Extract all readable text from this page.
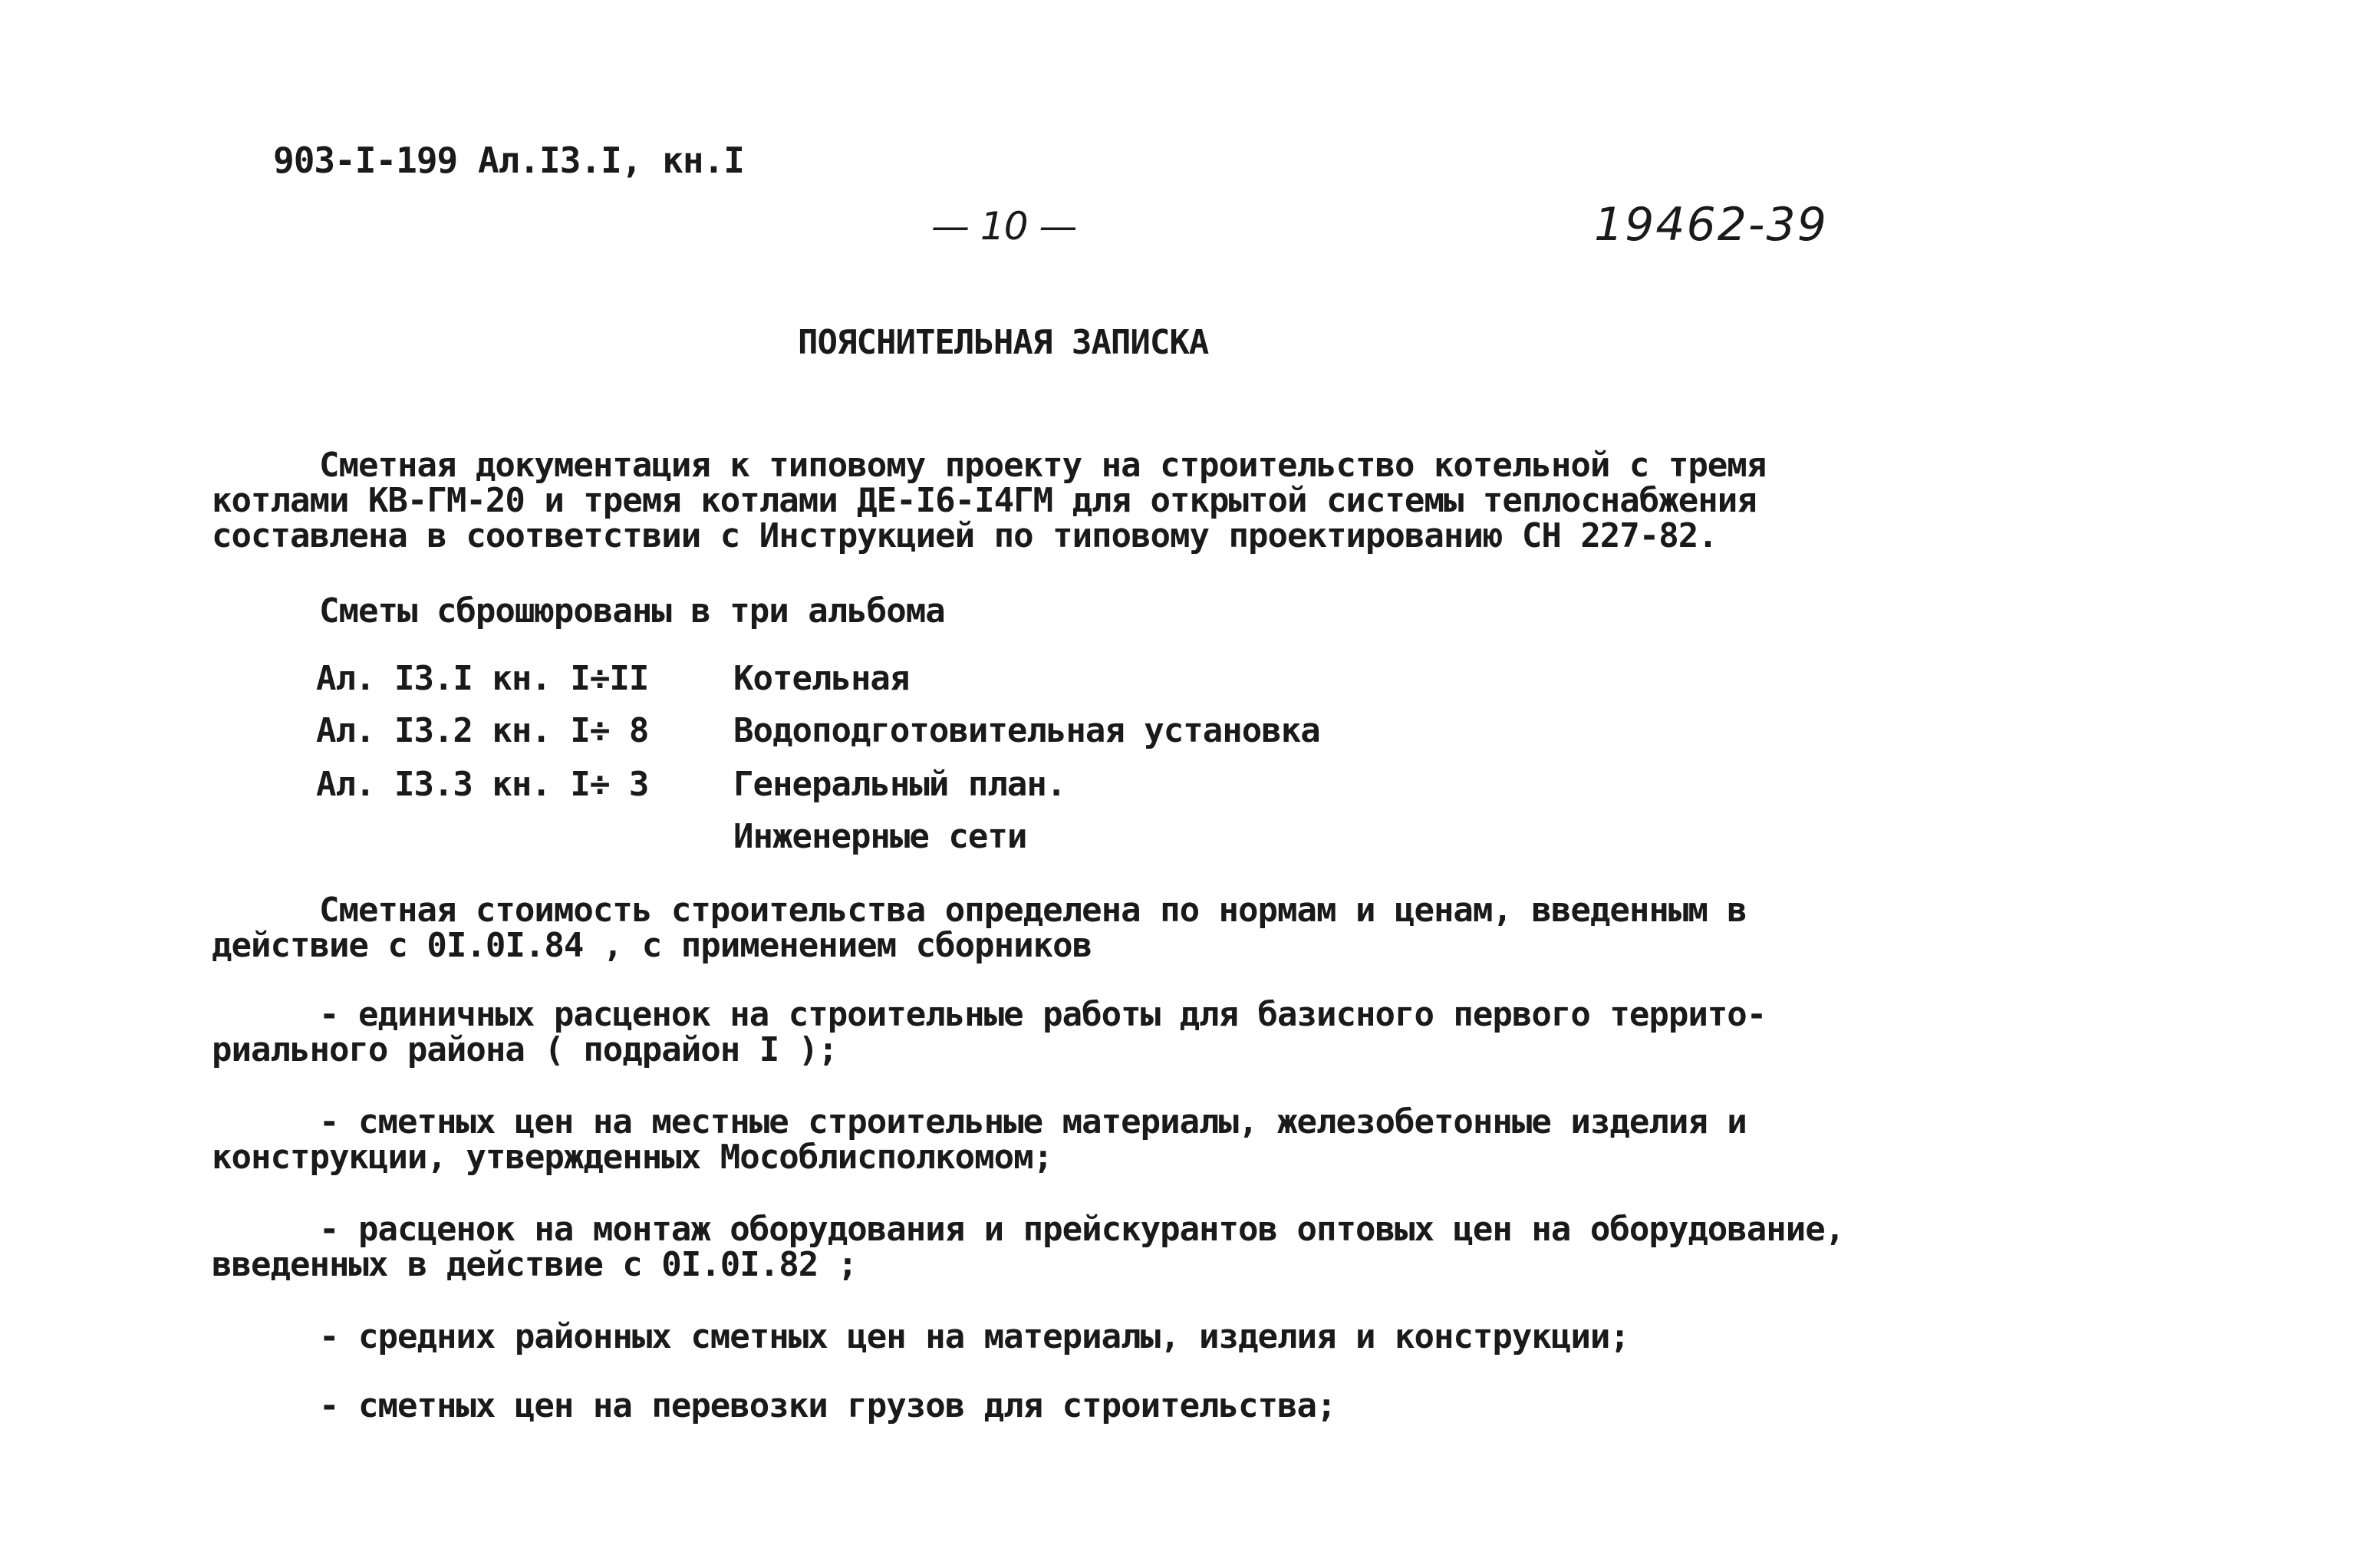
90З-I-199 Ал.I3.I, кн.I
— 10 —	19462-39
ПОЯСНИТЕЛЬНАЯ ЗАПИСКА
Сметная документация к типовому проекту на строительство котельной с тремя
котлами КВ-ГМ-20 и тремя котлами ДЕ-I6-I4ГМ для открытой системы теплоснабжения
составлена в соответствии с Инструкцией по типовому проектированию СН 227-82.
Сметы сброшюрованы в три альбома
Ал. I3.I кн. I÷II	Котельная
Ал. I3.2 кн. I÷ 8	Водоподготовительная установка
Ал. I3.3 кн. I÷ 3	Генеральный план.
Инженерные сети
Сметная стоимость строительства определена по нормам и ценам, введенным в
действие с 0I.0I.84 , с применением сборников
- единичных расценок на строительные работы для базисного первого террито-
риального района ( подрайон I );
- сметных цен на местные строительные материалы, железобетонные изделия и
конструкции, утвержденных Мособлисполкомом;
- расценок на монтаж оборудования и прейскурантов оптовых цен на оборудование,
введенных в действие с 0I.0I.82 ;
- средних районных сметных цен на материалы, изделия и конструкции;
- сметных цен на перевозки грузов для строительства;
